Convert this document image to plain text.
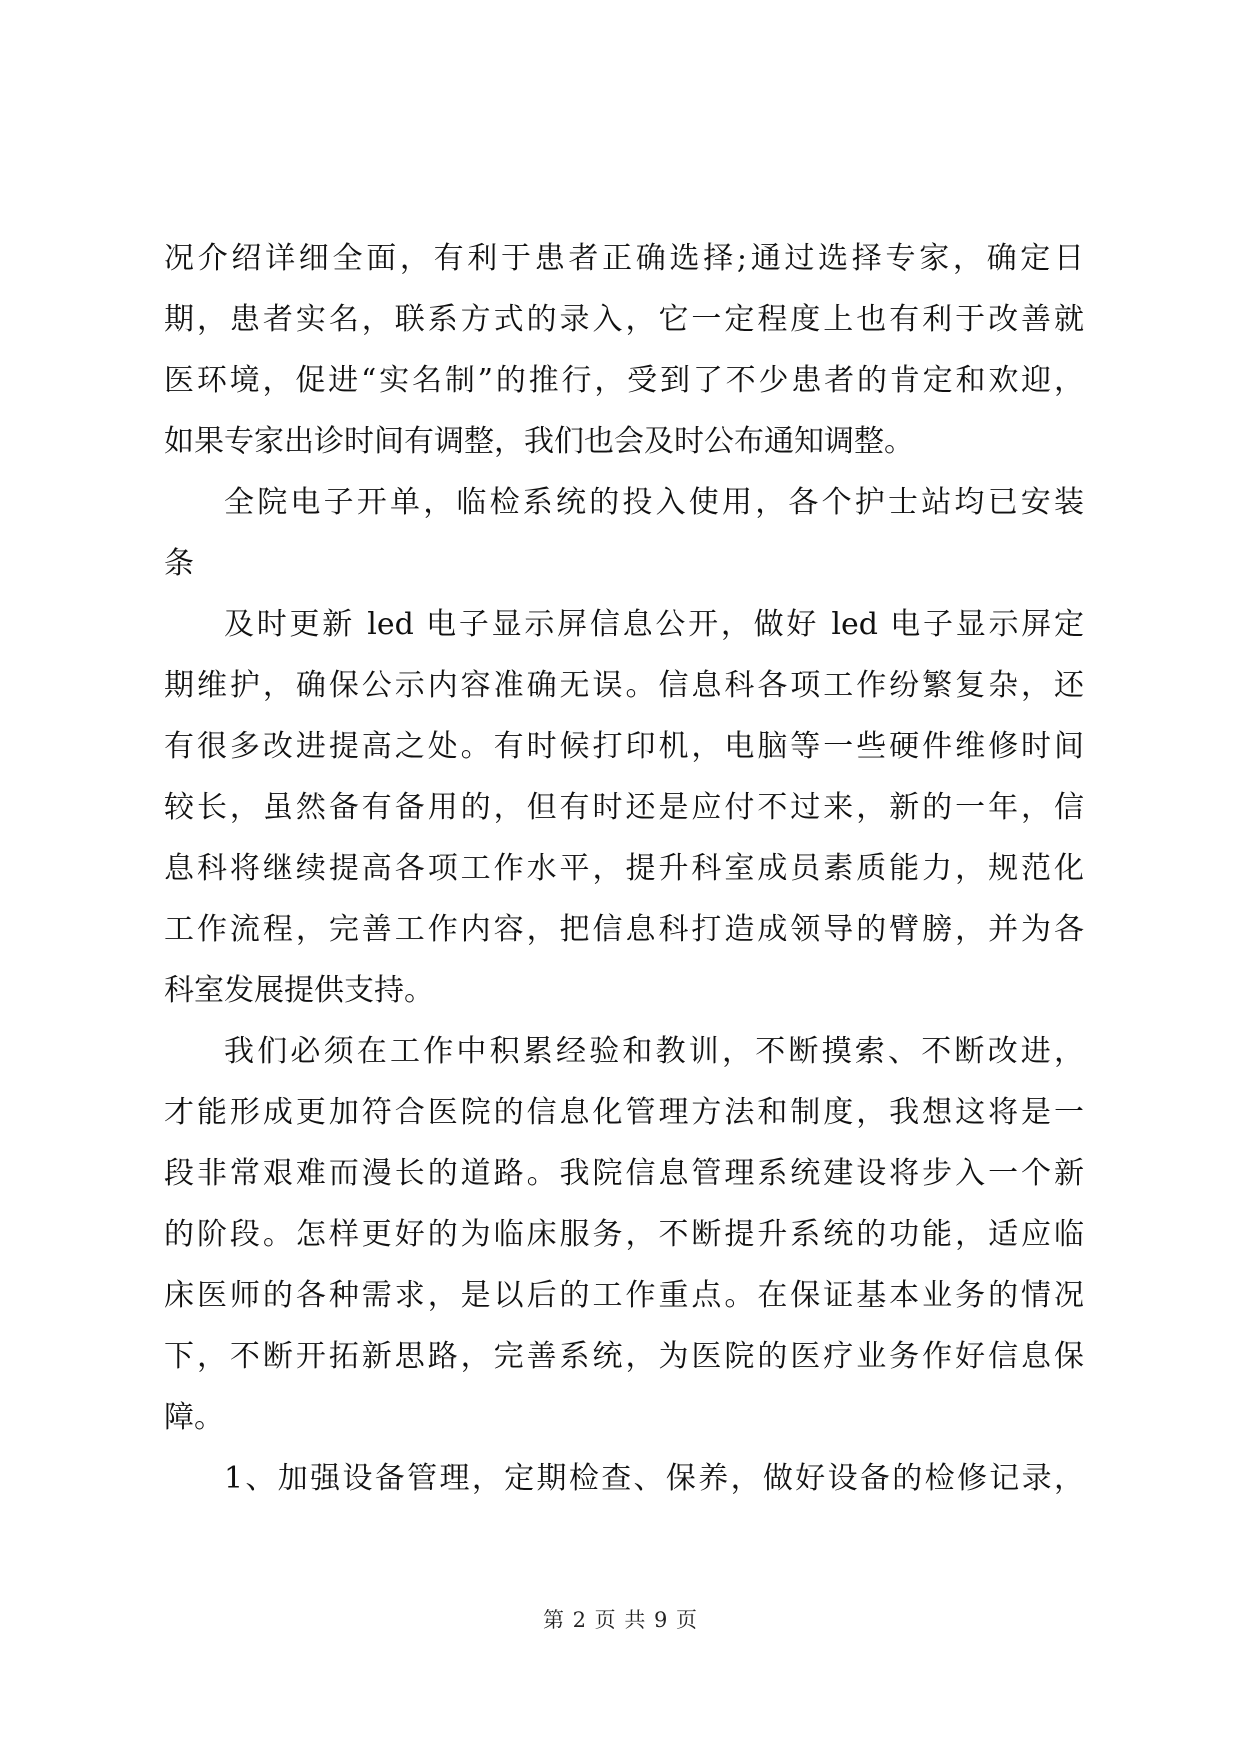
况介绍详细全面，有利于患者正确选择;通过选择专家，确定日
期，患者实名，联系方式的录入，它一定程度上也有利于改善就
医环境，促进“实名制”的推行，受到了不少患者的肯定和欢迎，
如果专家出诊时间有调整，我们也会及时公布通知调整。
全院电子开单，临检系统的投入使用，各个护士站均已安装
条
及时更新 led 电子显示屏信息公开，做好 led 电子显示屏定
期维护，确保公示内容准确无误。信息科各项工作纷繁复杂，还
有很多改进提高之处。有时候打印机，电脑等一些硬件维修时间
较长，虽然备有备用的，但有时还是应付不过来，新的一年，信
息科将继续提高各项工作水平，提升科室成员素质能力，规范化
工作流程，完善工作内容，把信息科打造成领导的臂膀，并为各
科室发展提供支持。
我们必须在工作中积累经验和教训，不断摸索、不断改进，
才能形成更加符合医院的信息化管理方法和制度，我想这将是一
段非常艰难而漫长的道路。我院信息管理系统建设将步入一个新
的阶段。怎样更好的为临床服务，不断提升系统的功能，适应临
床医师的各种需求，是以后的工作重点。在保证基本业务的情况
下，不断开拓新思路，完善系统，为医院的医疗业务作好信息保
障。
1、加强设备管理，定期检查、保养，做好设备的检修记录，
第 2 页 共 9 页
